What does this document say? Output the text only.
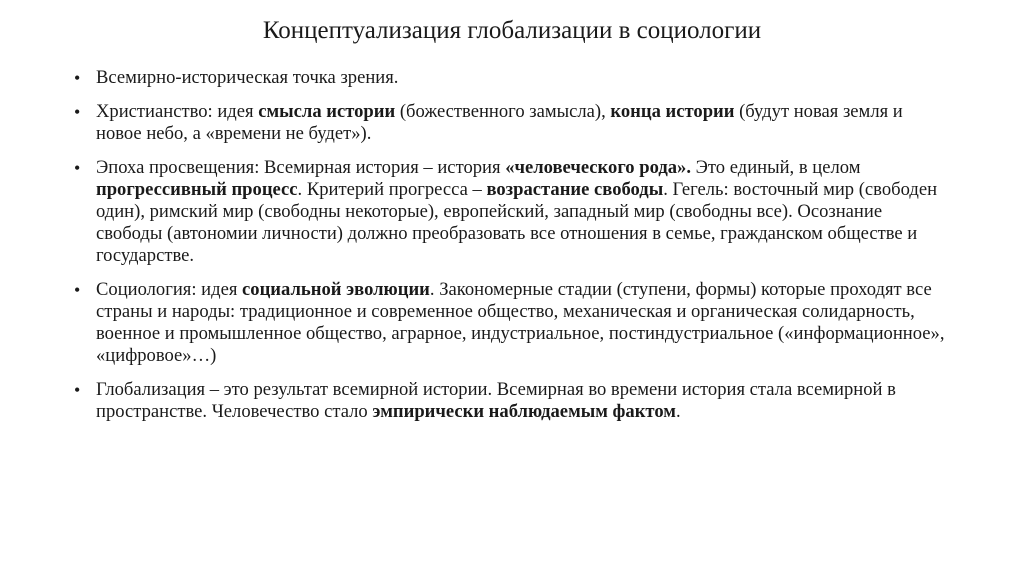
Концептуализация глобализации в социологии
• Всемирно-историческая точка зрения.
• Христианство: идея смысла истории (божественного замысла), конца истории (будут новая земля и новое небо, а «времени не будет»).
• Эпоха просвещения: Всемирная история – история «человеческого рода». Это единый, в целом прогрессивный процесс. Критерий прогресса – возрастание свободы. Гегель: восточный мир (свободен один), римский мир (свободны некоторые), европейский, западный мир (свободны все). Осознание свободы (автономии личности) должно преобразовать все отношения в семье, гражданском обществе и государстве.
• Социология: идея социальной эволюции. Закономерные стадии (ступени, формы) которые проходят все страны и народы: традиционное и современное общество, механическая и органическая солидарность, военное и промышленное общество, аграрное, индустриальное, постиндустриальное («информационное», «цифровое»…)
• Глобализация – это результат всемирной истории. Всемирная во времени история стала всемирной в пространстве. Человечество стало эмпирически наблюдаемым фактом.
